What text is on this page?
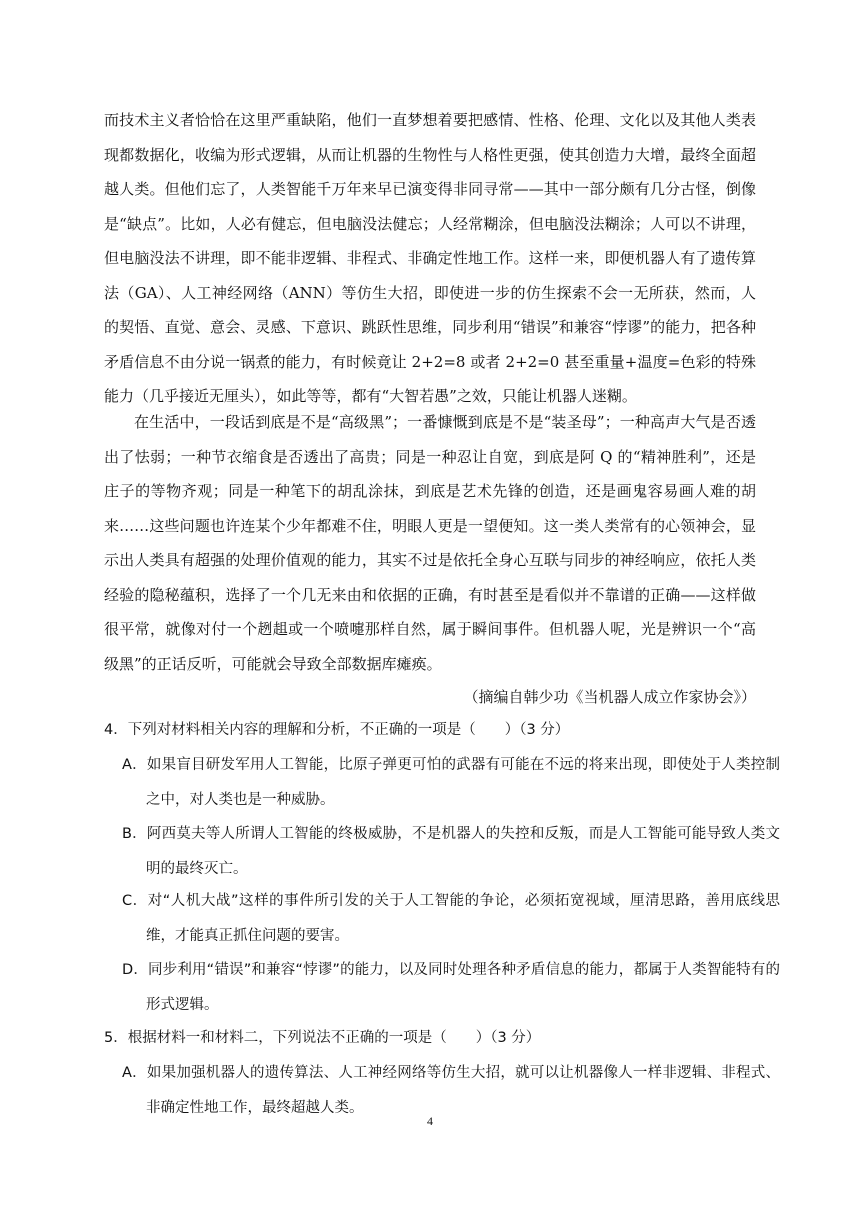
而技术主义者恰恰在这里严重缺陷，他们一直梦想着要把感情、性格、伦理、文化以及其他人类表现都数据化，收编为形式逻辑，从而让机器的生物性与人格性更强，使其创造力大增，最终全面超越人类。但他们忘了，人类智能千万年来早已演变得非同寻常——其中一部分颇有几分古怪，倒像是“缺点”。比如，人必有健忘，但电脑没法健忘；人经常糊涂，但电脑没法糊涂；人可以不讲理，但电脑没法不讲理，即不能非逻辑、非程式、非确定性地工作。这样一来，即便机器人有了遗传算法（GA）、人工神经网络（ANN）等仿生大招，即使进一步的仿生探索不会一无所获，然而，人的契悟、直觉、意会、灵感、下意识、跳跃性思维，同步利用“错误”和兼容“悖谬”的能力，把各种矛盾信息不由分说一锅煮的能力，有时候竟让 2+2=8 或者 2+2=0 甚至重量+温度=色彩的特殊能力（几乎接近无厘头），如此等等，都有“大智若愚”之效，只能让机器人迷糊。

在生活中，一段话到底是不是“高级黑”；一番慷慨到底是不是“装圣母”；一种高声大气是否透出了怯弱；一种节衣缩食是否透出了高贵；同是一种忍让自宽，到底是阿 Q 的“精神胜利”，还是庄子的等物齐观；同是一种笔下的胡乱涂抹，到底是艺术先锋的创造，还是画鬼容易画人难的胡来……这些问题也许连某个少年都难不住，明眼人更是一望便知。这一类人类常有的心领神会，显示出人类具有超强的处理价值观的能力，其实不过是依托全身心互联与同步的神经响应，依托人类经验的隐秘蕴积，选择了一个几无来由和依据的正确，有时甚至是看似并不靠谱的正确——这样做很平常，就像对付一个趔趄或一个喷嚏那样自然，属于瞬间事件。但机器人呢，光是辨识一个“高级黑”的正话反听，可能就会导致全部数据库瘫痪。

（摘编自韩少功《当机器人成立作家协会》）

4．下列对材料相关内容的理解和分析，不正确的一项是（　　）（3 分）

A．如果盲目研发军用人工智能，比原子弹更可怕的武器有可能在不远的将来出现，即使处于人类控制之中，对人类也是一种威胁。

B．阿西莫夫等人所谓人工智能的终极威胁，不是机器人的失控和反叛，而是人工智能可能导致人类文明的最终灭亡。

C．对“人机大战”这样的事件所引发的关于人工智能的争论，必须拓宽视域，厘清思路，善用底线思维，才能真正抓住问题的要害。

D．同步利用“错误”和兼容“悖谬”的能力，以及同时处理各种矛盾信息的能力，都属于人类智能特有的形式逻辑。

5．根据材料一和材料二，下列说法不正确的一项是（　　）（3 分）

A．如果加强机器人的遗传算法、人工神经网络等仿生大招，就可以让机器像人一样非逻辑、非程式、非确定性地工作，最终超越人类。

4
